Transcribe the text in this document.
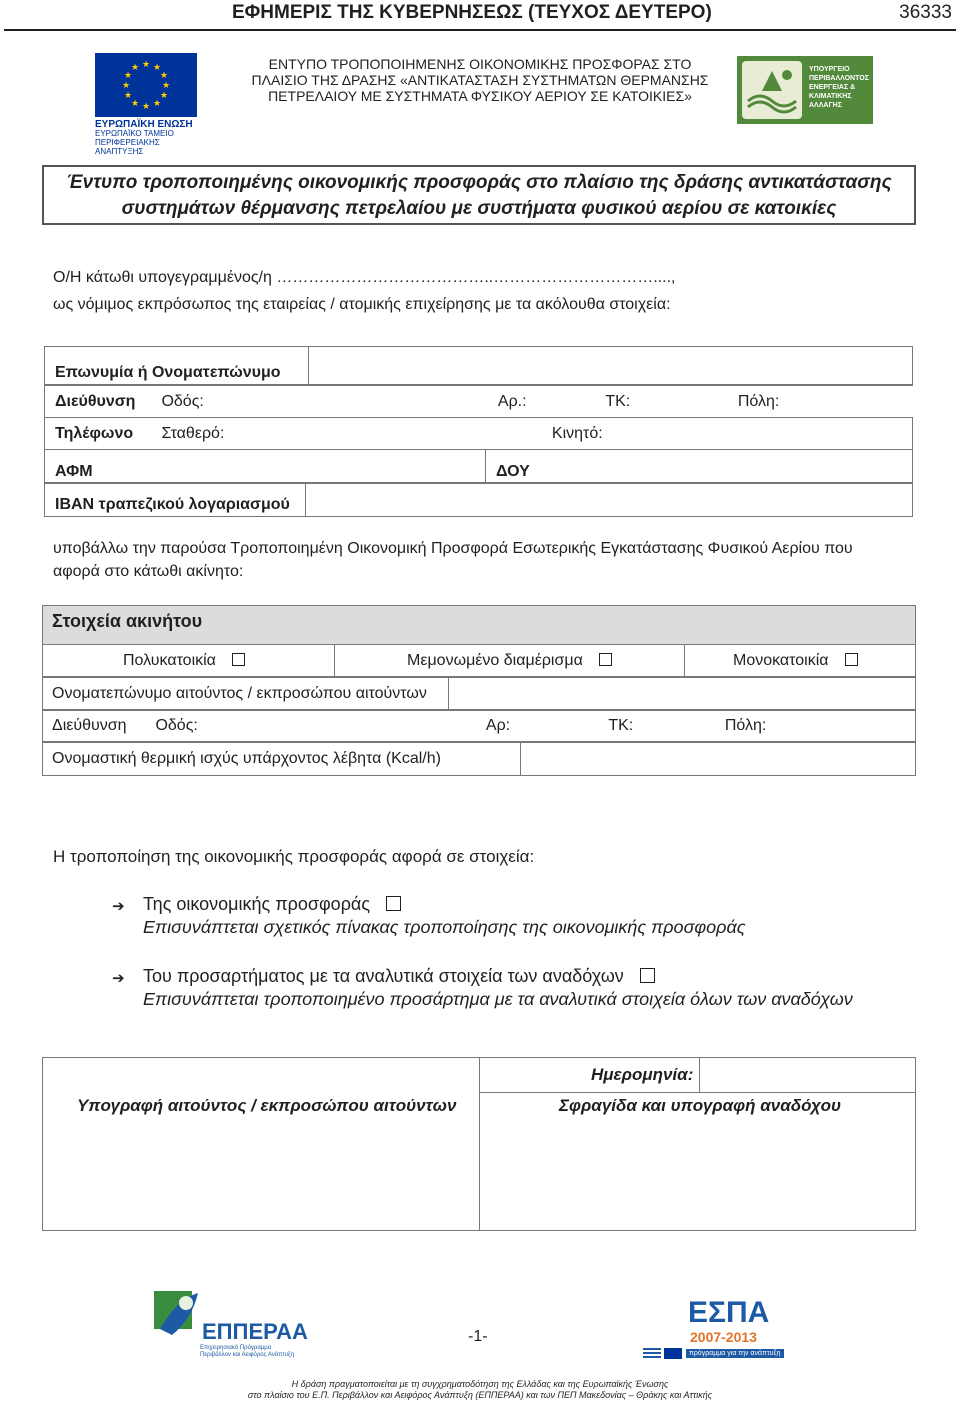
ΕΦΗΜΕΡΙΣ ΤΗΣ ΚΥΒΕΡΝΗΣΕΩΣ (ΤΕΥΧΟΣ ΔΕΥΤΕΡΟ)	36333
★ ★
★
★
★
★
★
★
★
★
★
★
ΕΥΡΩΠΑΪΚΗ ΕΝΩΣΗ
ΕΥΡΩΠΑΪΚΟ ΤΑΜΕΙΟ
ΠΕΡΙΦΕΡΕΙΑΚΗΣ ΑΝΑΠΤΥΞΗΣ
ΕΝΤΥΠΟ ΤΡΟΠΟΠΟΙΗΜΕΝΗΣ ΟΙΚΟΝΟΜΙΚΗΣ ΠΡΟΣΦΟΡΑΣ ΣΤΟ
ΠΛΑΙΣΙΟ ΤΗΣ ΔΡΑΣΗΣ «ΑΝΤΙΚΑΤΑΣΤΑΣΗ ΣΥΣΤΗΜΑΤΩΝ ΘΕΡΜΑΝΣΗΣ
ΠΕΤΡΕΛΑΙΟΥ ΜΕ ΣΥΣΤΗΜΑΤΑ ΦΥΣΙΚΟΥ ΑΕΡΙΟΥ ΣΕ ΚΑΤΟΙΚΙΕΣ»
ΥΠΟΥΡΓΕΙΟ
ΠΕΡΙΒΑΛΛΟΝΤΟΣ
ΕΝΕΡΓΕΙΑΣ &
ΚΛΙΜΑΤΙΚΗΣ
ΑΛΛΑΓΗΣ
Έντυπο τροποποιημένης οικονομικής προσφοράς στο πλαίσιο της δράσης αντικατάστασης
συστημάτων θέρμανσης πετρελαίου με συστήματα φυσικού αερίου σε κατοικίες
Ο/Η κάτωθι υπογεγραμμένος/η …………………………………..…………………………....,
ως νόμιμος εκπρόσωπος της εταιρείας / ατομικής επιχείρησης με τα ακόλουθα στοιχεία:
Επωνυμία ή Ονοματεπώνυμο	
Διεύθυνση Οδός:	Αρ.:	ΤΚ:	Πόλη:
Τηλέφωνο Σταθερό:	Κινητό:
ΑΦΜ	ΔΟΥ
ΙΒΑΝ τραπεζικού λογαριασμού	
υποβάλλω την παρούσα Τροποποιημένη Οικονομική Προσφορά Εσωτερικής Εγκατάστασης Φυσικού Αερίου που
αφορά στο κάτωθι ακίνητο:
Στοιχεία ακινήτου
Πολυκατοικία	Μεμονωμένο διαμέρισμα	Μονοκατοικία
Ονοματεπώνυμο αιτούντος / εκπροσώπου αιτούντων	
Διεύθυνση Οδός:	Αρ:	ΤΚ:	Πόλη:
Ονομαστική θερμική ισχύς υπάρχοντος λέβητα (Kcal/h)	
Η τροποποίηση της οικονομικής προσφοράς αφορά σε στοιχεία:
➔ Της οικονομικής προσφοράς
Επισυνάπτεται σχετικός πίνακας τροποποίησης της οικονομικής προσφοράς
➔ Του προσαρτήματος με τα αναλυτικά στοιχεία των αναδόχων
Επισυνάπτεται τροποποιημένο προσάρτημα με τα αναλυτικά στοιχεία όλων των αναδόχων
Ημερομηνία:
Υπογραφή αιτούντος / εκπροσώπου αιτούντων	Σφραγίδα και υπογραφή αναδόχου
ΕΠΠΕΡΑΑ
Επιχειρησιακό Πρόγραμμα
Περιβάλλον και Αειφόρος Ανάπτυξη
-1-
ΕΣΠΑ
2007-2013
πρόγραμμα για την ανάπτυξη
Η δράση πραγματοποιείται με τη συγχρηματοδότηση της Ελλάδας και της Ευρωπαϊκής Ένωσης
στο πλαίσιο του Ε.Π. Περιβάλλον και Αειφόρος Ανάπτυξη (ΕΠΠΕΡΑΑ) και των ΠΕΠ Μακεδονίας – Θράκης και Αττικής
